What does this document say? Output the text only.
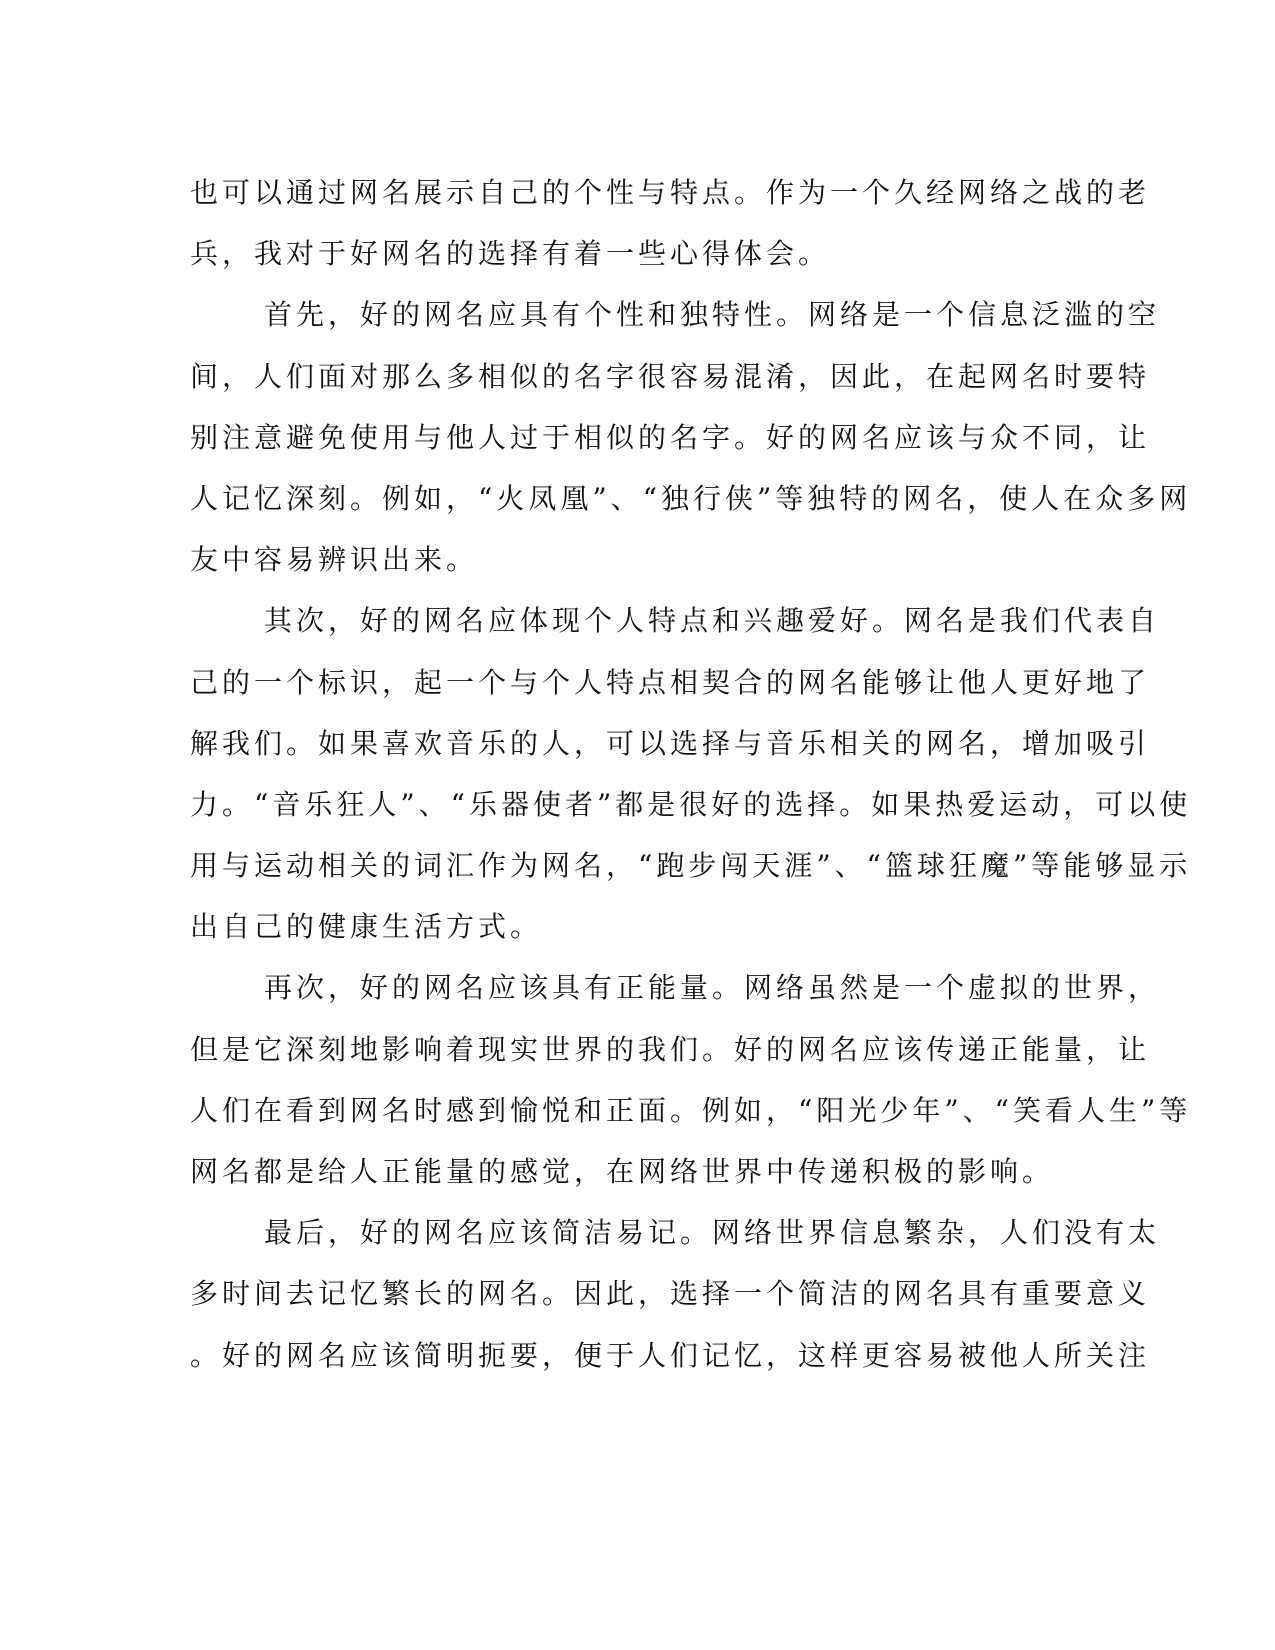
也可以通过网名展示自己的个性与特点。作为一个久经网络之战的老
兵，我对于好网名的选择有着一些心得体会。
首先，好的网名应具有个性和独特性。网络是一个信息泛滥的空
间，人们面对那么多相似的名字很容易混淆，因此，在起网名时要特
别注意避免使用与他人过于相似的名字。好的网名应该与众不同，让
人记忆深刻。例如，“火凤凰”、“独行侠”等独特的网名，使人在众多网
友中容易辨识出来。
其次，好的网名应体现个人特点和兴趣爱好。网名是我们代表自
己的一个标识，起一个与个人特点相契合的网名能够让他人更好地了
解我们。如果喜欢音乐的人，可以选择与音乐相关的网名，增加吸引
力。“音乐狂人”、“乐器使者”都是很好的选择。如果热爱运动，可以使
用与运动相关的词汇作为网名，“跑步闯天涯”、“篮球狂魔”等能够显示
出自己的健康生活方式。
再次，好的网名应该具有正能量。网络虽然是一个虚拟的世界，
但是它深刻地影响着现实世界的我们。好的网名应该传递正能量，让
人们在看到网名时感到愉悦和正面。例如，“阳光少年”、“笑看人生”等
网名都是给人正能量的感觉，在网络世界中传递积极的影响。
最后，好的网名应该简洁易记。网络世界信息繁杂，人们没有太
多时间去记忆繁长的网名。因此，选择一个简洁的网名具有重要意义
。好的网名应该简明扼要，便于人们记忆，这样更容易被他人所关注
